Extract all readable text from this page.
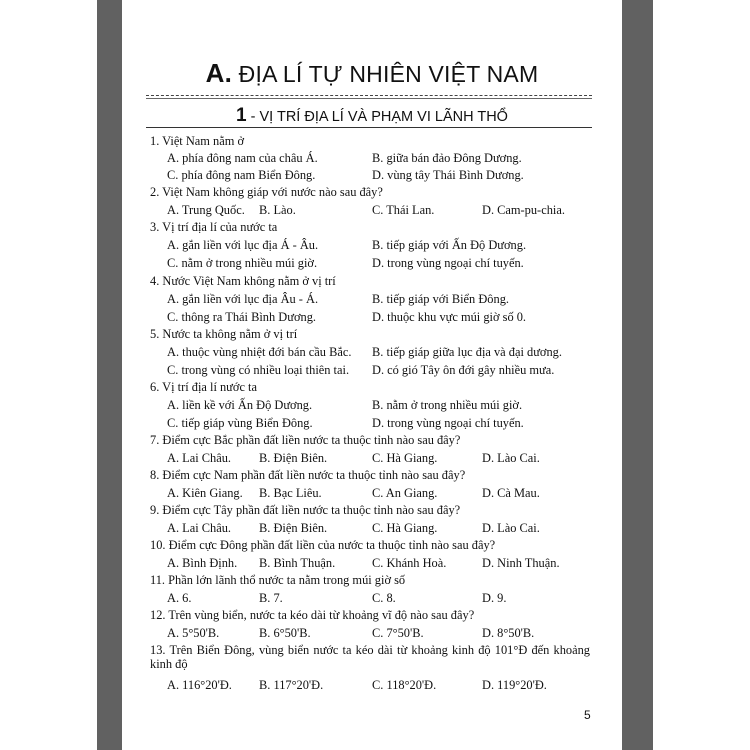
A. ĐỊA LÍ TỰ NHIÊN VIỆT NAM
1 - VỊ TRÍ ĐỊA LÍ VÀ PHẠM VI LÃNH THỔ
1. Việt Nam nằm ở
A. phía đông nam của châu Á.	B. giữa bán đảo Đông Dương.
C. phía đông nam Biển Đông.	D. vùng tây Thái Bình Dương.
2. Việt Nam không giáp với nước nào sau đây?
A. Trung Quốc. B. Lào.	C. Thái Lan.	D. Cam-pu-chia.
3. Vị trí địa lí của nước ta
A. gắn liền với lục địa Á - Âu.	B. tiếp giáp với Ấn Độ Dương.
C. nằm ở trong nhiều múi giờ.	D. trong vùng ngoại chí tuyến.
4. Nước Việt Nam không nằm ở vị trí
A. gắn liền với lục địa Âu - Á.	B. tiếp giáp với Biển Đông.
C. thông ra Thái Bình Dương.	D. thuộc khu vực múi giờ số 0.
5. Nước ta không nằm ở vị trí
A. thuộc vùng nhiệt đới bán cầu Bắc. B. tiếp giáp giữa lục địa và đại dương.
C. trong vùng có nhiều loại thiên tai. D. có gió Tây ôn đới gây nhiều mưa.
6. Vị trí địa lí nước ta
A. liền kề với Ấn Độ Dương.	B. nằm ở trong nhiều múi giờ.
C. tiếp giáp vùng Biển Đông.	D. trong vùng ngoại chí tuyến.
7. Điểm cực Bắc phần đất liền nước ta thuộc tỉnh nào sau đây?
A. Lai Châu. B. Điện Biên.	C. Hà Giang.	D. Lào Cai.
8. Điểm cực Nam phần đất liền nước ta thuộc tỉnh nào sau đây?
A. Kiên Giang. B. Bạc Liêu.	C. An Giang.	D. Cà Mau.
9. Điểm cực Tây phần đất liền nước ta thuộc tỉnh nào sau đây?
A. Lai Châu. B. Điện Biên.	C. Hà Giang.	D. Lào Cai.
10. Điểm cực Đông phần đất liền của nước ta thuộc tỉnh nào sau đây?
A. Bình Định. B. Bình Thuận.	C. Khánh Hoà.	D. Ninh Thuận.
11. Phần lớn lãnh thổ nước ta nằm trong múi giờ số
A. 6.	B. 7.	C. 8.	D. 9.
12. Trên vùng biển, nước ta kéo dài từ khoảng vĩ độ nào sau đây?
A. 5°50'B.	B. 6°50'B.	C. 7°50'B.	D. 8°50'B.
13. Trên Biển Đông, vùng biển nước ta kéo dài từ khoảng kinh độ 101°Đ đến khoảng kinh độ
A. 116°20'Đ. B. 117°20'Đ.	C. 118°20'Đ.	D. 119°20'Đ.
5
